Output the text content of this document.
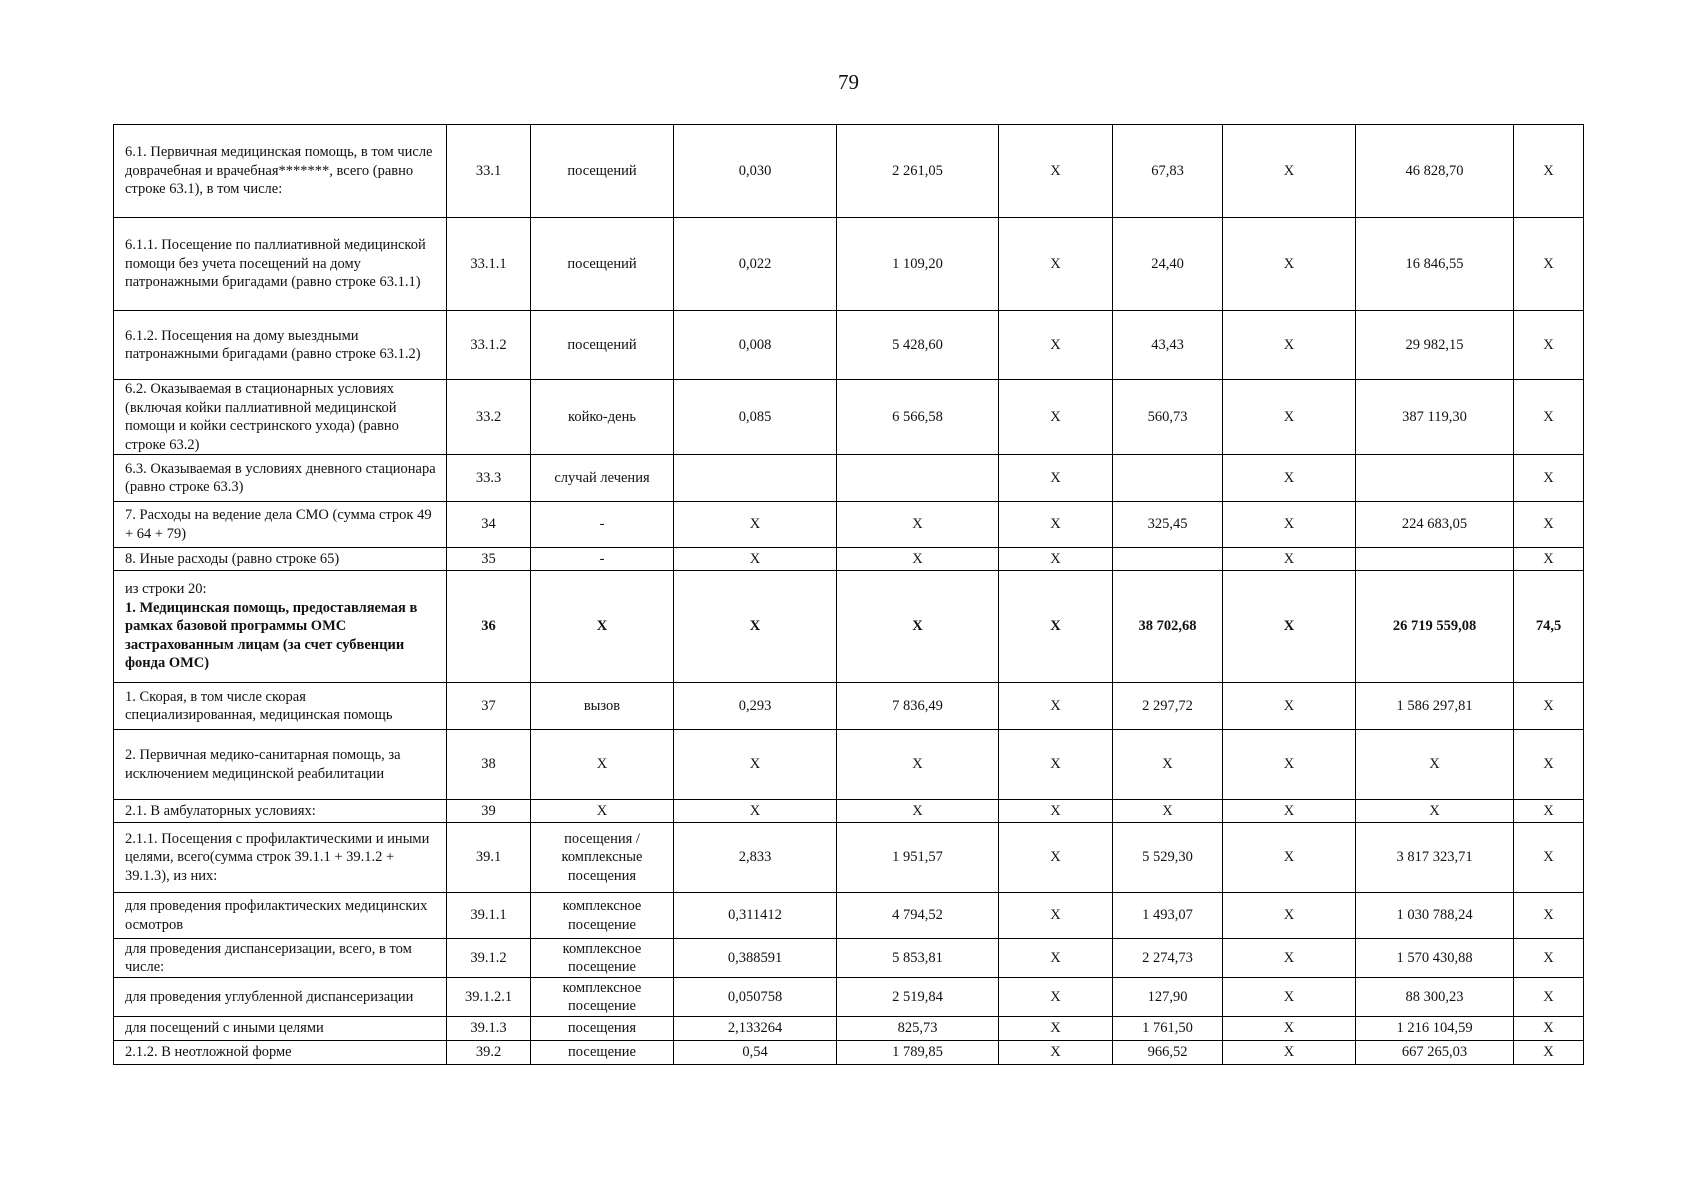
79
6.1. Первичная медицинская помощь, в том числе доврачебная и врачебная*******, всего (равно строке 63.1), в том числе:	33.1	посещений	0,030	2 261,05	X	67,83	X	46 828,70	X
6.1.1. Посещение по паллиативной медицинской помощи без учета посещений на дому патронажными бригадами (равно строке 63.1.1)	33.1.1	посещений	0,022	1 109,20	X	24,40	X	16 846,55	X
6.1.2. Посещения на дому выездными патронажными бригадами (равно строке 63.1.2)	33.1.2	посещений	0,008	5 428,60	X	43,43	X	29 982,15	X
6.2. Оказываемая в стационарных условиях (включая койки паллиативной медицинской помощи и койки сестринского ухода) (равно строке 63.2)	33.2	койко-день	0,085	6 566,58	X	560,73	X	387 119,30	X
6.3. Оказываемая в условиях дневного стационара (равно строке 63.3)	33.3	случай лечения			X		X		X
7. Расходы на ведение дела СМО (сумма строк 49 + 64 + 79)	34	-	X	X	X	325,45	X	224 683,05	X
8. Иные расходы (равно строке 65)	35	-	X	X	X		X		X
из строки 20:
1. Медицинская помощь, предоставляемая в рамках базовой программы ОМС застрахованным лицам (за счет субвенции фонда ОМС)	36	X	X	X	X	38 702,68	X	26 719 559,08	74,5
1. Скорая, в том числе скорая специализированная, медицинская помощь	37	вызов	0,293	7 836,49	X	2 297,72	X	1 586 297,81	X
2. Первичная медико-санитарная помощь, за исключением медицинской реабилитации	38	X	X	X	X	X	X	X	X
2.1. В амбулаторных условиях:	39	X	X	X	X	X	X	X	X
2.1.1. Посещения с профилактическими и иными целями, всего(сумма строк 39.1.1 + 39.1.2 + 39.1.3), из них:	39.1	посещения / комплексные посещения	2,833	1 951,57	X	5 529,30	X	3 817 323,71	X
для проведения профилактических медицинских осмотров	39.1.1	комплексное посещение	0,311412	4 794,52	X	1 493,07	X	1 030 788,24	X
для проведения диспансеризации, всего, в том числе:	39.1.2	комплексное посещение	0,388591	5 853,81	X	2 274,73	X	1 570 430,88	X
для проведения углубленной диспансеризации	39.1.2.1	комплексное посещение	0,050758	2 519,84	X	127,90	X	88 300,23	X
для посещений с иными целями	39.1.3	посещения	2,133264	825,73	X	1 761,50	X	1 216 104,59	X
2.1.2. В неотложной форме	39.2	посещение	0,54	1 789,85	X	966,52	X	667 265,03	X
